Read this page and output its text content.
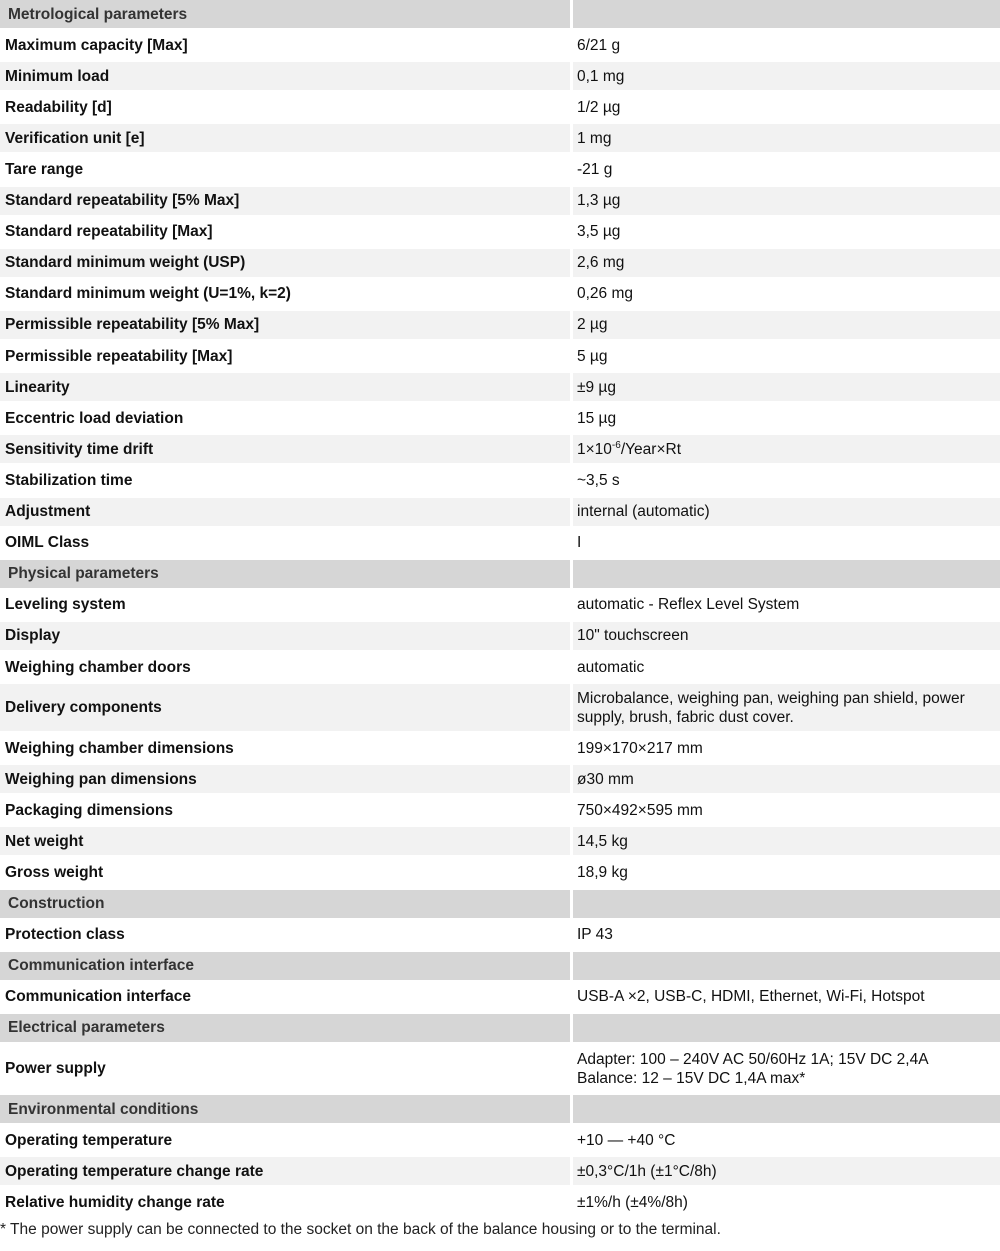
Metrological parameters	
Maximum capacity [Max]	6/21 g
Minimum load	0,1 mg
Readability [d]	1/2 µg
Verification unit [e]	1 mg
Tare range	-21 g
Standard repeatability [5% Max]	1,3 µg
Standard repeatability [Max]	3,5 µg
Standard minimum weight (USP)	2,6 mg
Standard minimum weight (U=1%, k=2)	0,26 mg
Permissible repeatability [5% Max]	2 µg
Permissible repeatability [Max]	5 µg
Linearity	±9 µg
Eccentric load deviation	15 µg
Sensitivity time drift	$1\times 10^{-6}/Year\times Rt$
Stabilization time	~3,5 s
Adjustment	internal (automatic)
OIML Class	I
Physical parameters	
Leveling system	automatic - Reflex Level System
Display	10" touchscreen
Weighing chamber doors	automatic
Delivery components	Microbalance, weighing pan, weighing pan shield, power supply, brush, fabric dust cover.
Weighing chamber dimensions	199×170×217 mm
Weighing pan dimensions	ø30 mm
Packaging dimensions	750×492×595 mm
Net weight	14,5 kg
Gross weight	18,9 kg
Construction	
Protection class	IP 43
Communication interface	
Communication interface	USB-A ×2, USB-C, HDMI, Ethernet, Wi-Fi, Hotspot
Electrical parameters	
Power supply	Adapter: 100 – 240V AC 50/60Hz 1A; 15V DC 2,4A
Balance: 12 – 15V DC 1,4A max*
Environmental conditions	
Operating temperature	+10 — +40 °C
Operating temperature change rate	±0,3°C/1h (±1°C/8h)
Relative humidity change rate	±1%/h (±4%/8h)
* The power supply can be connected to the socket on the back of the balance housing or to the terminal.
